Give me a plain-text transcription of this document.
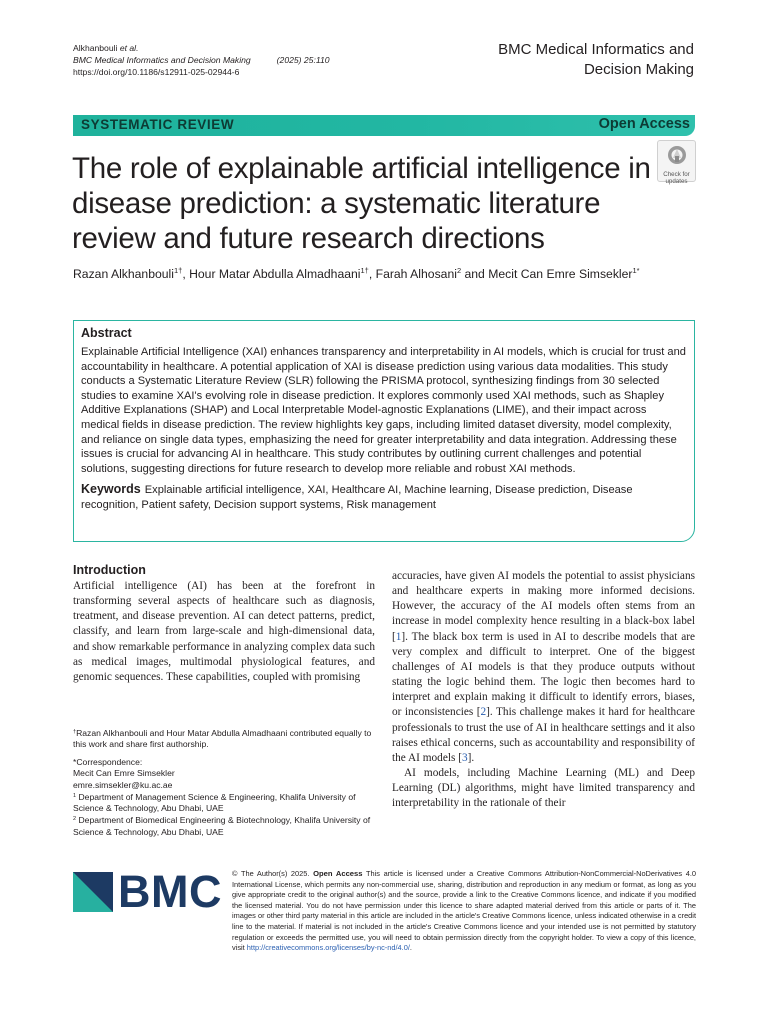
Alkhanbouli et al.
BMC Medical Informatics and Decision Making	(2025) 25:110
https://doi.org/10.1186/s12911-025-02944-6
BMC Medical Informatics and
Decision Making
SYSTEMATIC REVIEW	Open Access
The role of explainable artificial intelligence in disease prediction: a systematic literature review and future research directions
Check for
updates
Razan Alkhanbouli$^{1\dagger}$, Hour Matar Abdulla Almadhaani$^{1\dagger}$, Farah Alhosani$^2$ and Mecit Can Emre Simsekler$^{1*}$
Abstract

Explainable Artificial Intelligence (XAI) enhances transparency and interpretability in AI models, which is crucial for trust and accountability in healthcare. A potential application of XAI is disease prediction using various data modalities. This study conducts a Systematic Literature Review (SLR) following the PRISMA protocol, synthesizing findings from 30 selected studies to examine XAI's evolving role in disease prediction. It explores commonly used XAI methods, such as Shapley Additive Explanations (SHAP) and Local Interpretable Model-agnostic Explanations (LIME), and their impact across medical fields in disease prediction. The review highlights key gaps, including limited dataset diversity, model complexity, and reliance on single data types, emphasizing the need for greater interpretability and data integration. Addressing these issues is crucial for advancing AI in healthcare. This study contributes by outlining current challenges and potential solutions, suggesting directions for future research to develop more reliable and robust XAI methods.

Keywords Explainable artificial intelligence, XAI, Healthcare AI, Machine learning, Disease prediction, Disease recognition, Patient safety, Decision support systems, Risk management
Introduction

Artificial intelligence (AI) has been at the forefront in transforming several aspects of healthcare such as diagnosis, treatment, and disease prevention. AI can detect patterns, predict, classify, and learn from large-scale and high-dimensional data, and show remarkable performance in analyzing complex data such as medical images, multimodal physiological features, and genomic sequences. These capabilities, coupled with promising

†Razan Alkhanbouli and Hour Matar Abdulla Almadhaani contributed equally to this work and share first authorship.
*Correspondence:
Mecit Can Emre Simsekler
emre.simsekler@ku.ac.ae
$^1$ Department of Management Science & Engineering, Khalifa University of Science & Technology, Abu Dhabi, UAE
$^2$ Department of Biomedical Engineering & Biotechnology, Khalifa University of Science & Technology, Abu Dhabi, UAE

accuracies, have given AI models the potential to assist physicians and healthcare experts in making more informed decisions. However, the accuracy of the AI models often stems from an increase in model complexity hence resulting in a black-box label [1]. The black box term is used in AI to describe models that are very complex and difficult to interpret. One of the biggest challenges of AI models is that they produce outputs without stating the logic behind them. The logic then becomes hard to interpret and explain making it difficult to identify errors, biases, or inconsistencies [2]. This challenge makes it hard for healthcare professionals to trust the use of AI in healthcare settings and it also raises ethical concerns, such as accountability and responsibility of the AI models [3].

AI models, including Machine Learning (ML) and Deep Learning (DL) algorithms, might have limited transparency and interpretability in the rationale of their

BMC © The Author(s) 2025. Open Access This article is licensed under a Creative Commons Attribution-NonCommercial-NoDerivatives 4.0 International License, which permits any non-commercial use, sharing, distribution and reproduction in any medium or format, as long as you give appropriate credit to the original author(s) and the source, provide a link to the Creative Commons licence, and indicate if you modified the licensed material. You do not have permission under this licence to share adapted material derived from this article or parts of it. The images or other third party material in this article are included in the article's Creative Commons licence, unless indicated otherwise in a credit line to the material. If material is not included in the article's Creative Commons licence and your intended use is not permitted by statutory regulation or exceeds the permitted use, you will need to obtain permission directly from the copyright holder. To view a copy of this licence, visit http://creativecommons.org/licenses/by-nc-nd/4.0/.
